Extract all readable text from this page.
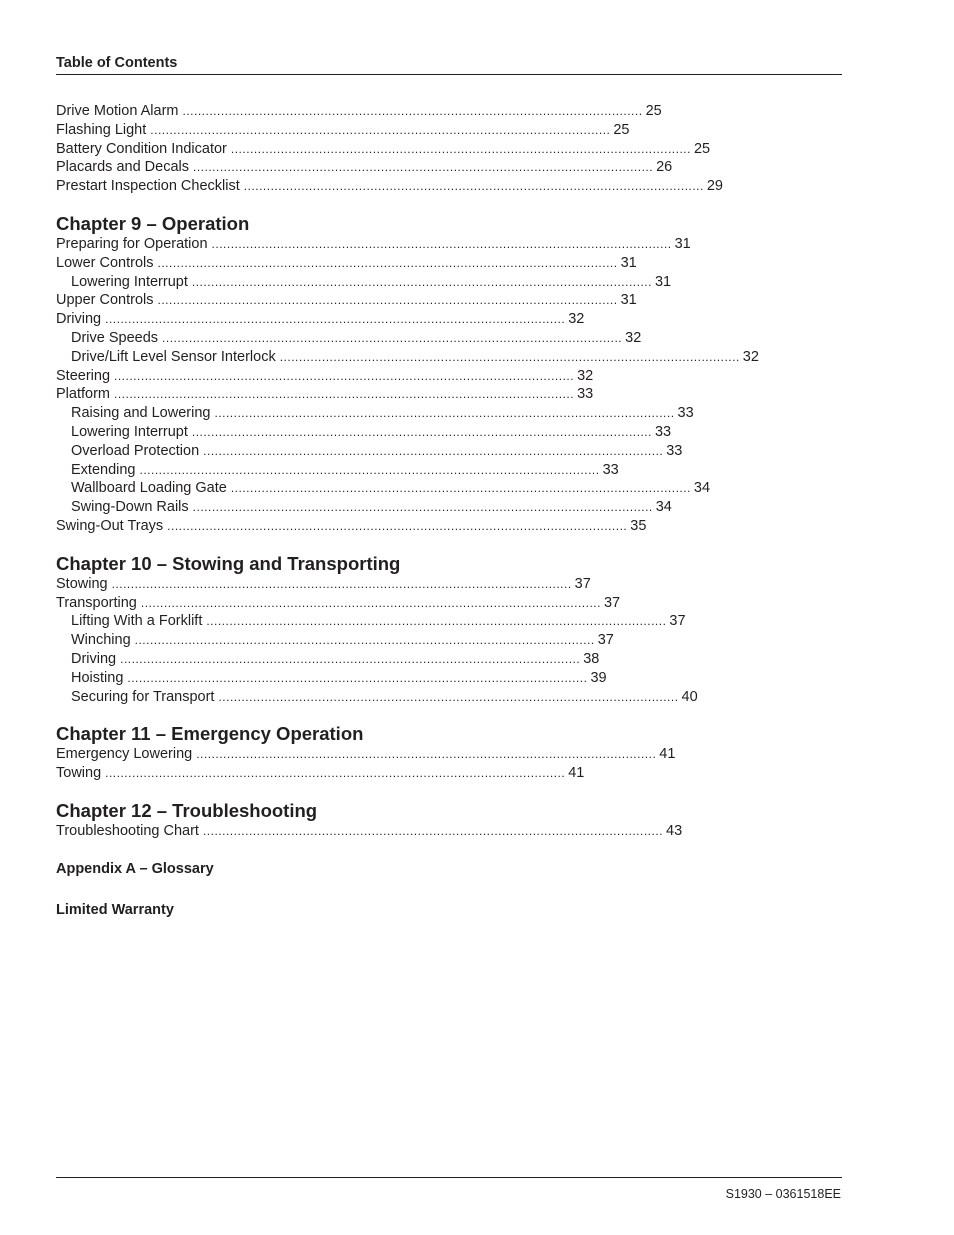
Table of Contents
Drive Motion Alarm ........................................................................................................................ 25
Flashing Light ........................................................................................................................ 25
Battery Condition Indicator ........................................................................................................................ 25
Placards and Decals ........................................................................................................................ 26
Prestart Inspection Checklist ........................................................................................................................ 29
Chapter 9 – Operation
Preparing for Operation ........................................................................................................................ 31
Lower Controls ........................................................................................................................ 31
Lowering Interrupt ........................................................................................................................ 31
Upper Controls ........................................................................................................................ 31
Driving ........................................................................................................................ 32
Drive Speeds ........................................................................................................................ 32
Drive/Lift Level Sensor Interlock ........................................................................................................................ 32
Steering ........................................................................................................................ 32
Platform ........................................................................................................................ 33
Raising and Lowering ........................................................................................................................ 33
Lowering Interrupt ........................................................................................................................ 33
Overload Protection ........................................................................................................................ 33
Extending ........................................................................................................................ 33
Wallboard Loading Gate ........................................................................................................................ 34
Swing-Down Rails ........................................................................................................................ 34
Swing-Out Trays ........................................................................................................................ 35
Chapter 10 – Stowing and Transporting
Stowing ........................................................................................................................ 37
Transporting ........................................................................................................................ 37
Lifting With a Forklift ........................................................................................................................ 37
Winching ........................................................................................................................ 37
Driving ........................................................................................................................ 38
Hoisting ........................................................................................................................ 39
Securing for Transport ........................................................................................................................ 40
Chapter 11 – Emergency Operation
Emergency Lowering ........................................................................................................................ 41
Towing ........................................................................................................................ 41
Chapter 12 – Troubleshooting
Troubleshooting Chart ........................................................................................................................ 43
Appendix A – Glossary
Limited Warranty
S1930 – 0361518EE
